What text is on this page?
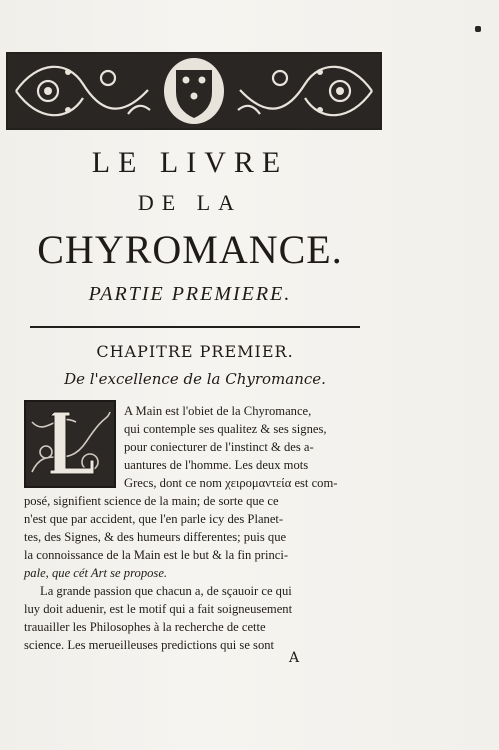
LE LIVRE
DE LA
CHYROMANCE.
PARTIE PREMIERE.
CHAPITRE PREMIER.
De l'excellence de la Chyromance.
A Main est l'obiet de la Chyromance,
qui contemple ses qualitez & ses signes,
pour coniecturer de l'instinct & des a-
uantures de l'homme. Les deux mots
Grecs, dont ce nom χειρομαντεία est com-
posé, signifient science de la main; de sorte que ce
n'est que par accident, que l'en parle icy des Planet-
tes, des Signes, & des humeurs differentes; puis que
la connoissance de la Main est le but & la fin princi-
pale, que cét Art se propose.
La grande passion que chacun a, de sçauoir ce qui
luy doit aduenir, est le motif qui a fait soigneusement
trauailler les Philosophes à la recherche de cette
science. Les merueilleuses predictions qui se sont
A
